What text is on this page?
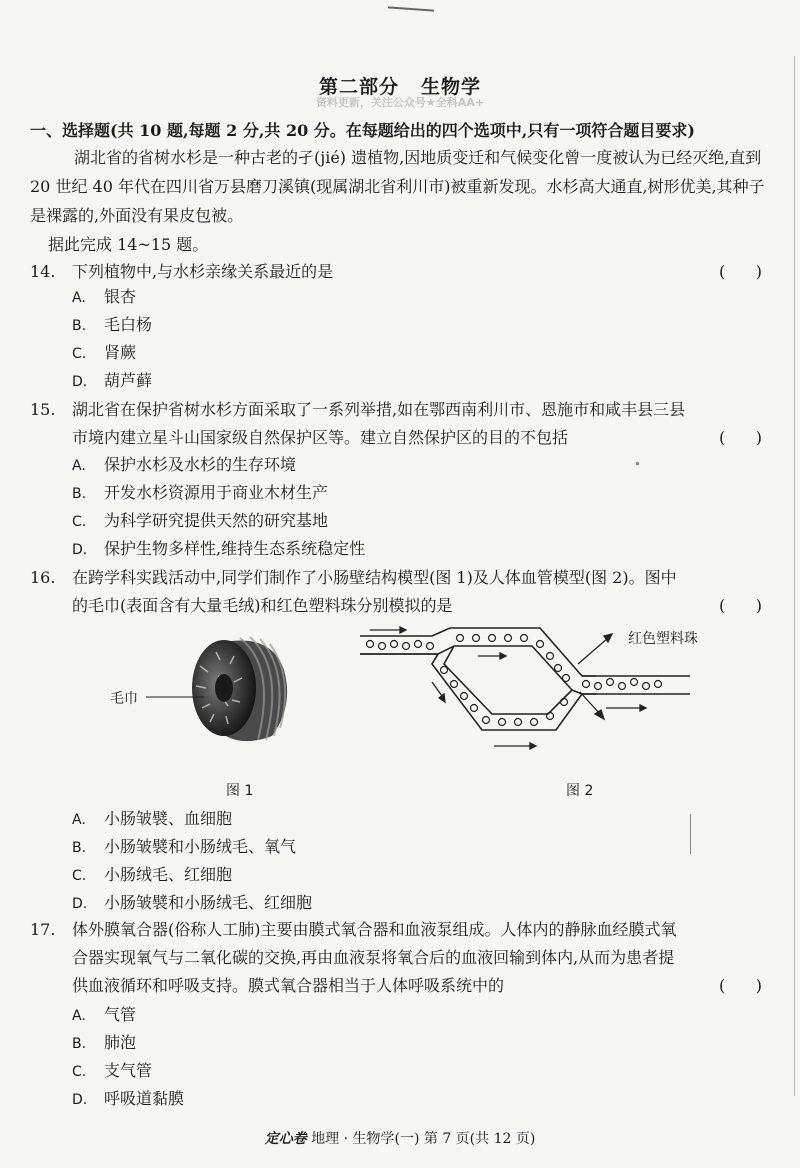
第二部分 生物学
资料更新，关注公众号★全科AA+
一、选择题(共 10 题,每题 2 分,共 20 分。在每题给出的四个选项中,只有一项符合题目要求)
湖北省的省树水杉是一种古老的孑(jié) 遗植物,因地质变迁和气候变化曾一度被认为已经灭绝,直到 20 世纪 40 年代在四川省万县磨刀溪镇(现属湖北省利川市)被重新发现。水杉高大通直,树形优美,其种子是裸露的,外面没有果皮包被。
据此完成 14~15 题。
14. 下列植物中,与水杉亲缘关系最近的是	(      )
A. 银杏
B. 毛白杨
C. 肾蕨
D. 葫芦藓
15. 湖北省在保护省树水杉方面采取了一系列举措,如在鄂西南利川市、恩施市和咸丰县三县
市境内建立星斗山国家级自然保护区等。建立自然保护区的目的不包括	(      )
A. 保护水杉及水杉的生存环境
B. 开发水杉资源用于商业木材生产
C. 为科学研究提供天然的研究基地
D. 保护生物多样性,维持生态系统稳定性
16. 在跨学科实践活动中,同学们制作了小肠壁结构模型(图 1)及人体血管模型(图 2)。图中
的毛巾(表面含有大量毛绒)和红色塑料珠分别模拟的是	(      )
毛巾
红色塑料珠
图 1	图 2
A. 小肠皱襞、血细胞
B. 小肠皱襞和小肠绒毛、氧气
C. 小肠绒毛、红细胞
D. 小肠皱襞和小肠绒毛、红细胞
17. 体外膜氧合器(俗称人工肺)主要由膜式氧合器和血液泵组成。人体内的静脉血经膜式氧
合器实现氧气与二氧化碳的交换,再由血液泵将氧合后的血液回输到体内,从而为患者提
供血液循环和呼吸支持。膜式氧合器相当于人体呼吸系统中的	(      )
A. 气管
B. 肺泡
C. 支气管
D. 呼吸道黏膜
定心卷 地理 · 生物学(一) 第 7 页(共 12 页)
